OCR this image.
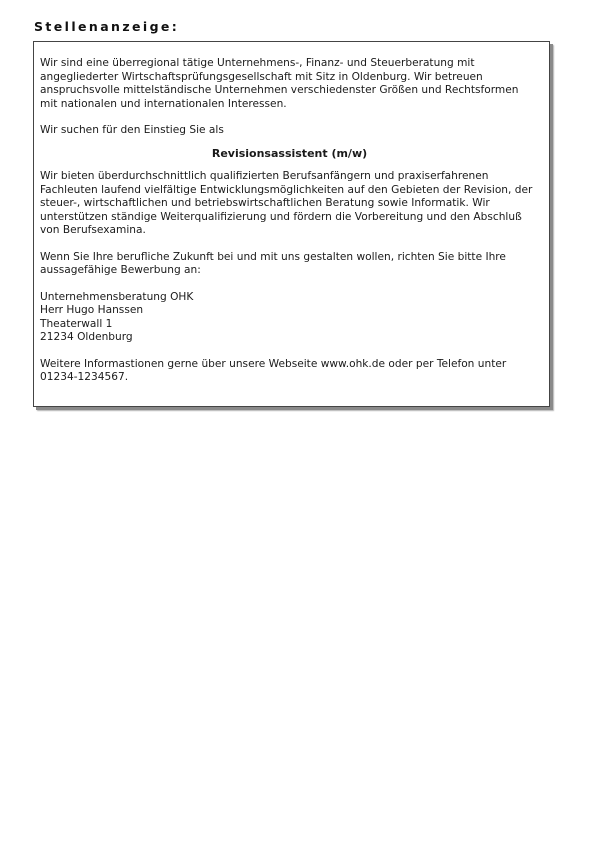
Stellenanzeige:

Wir sind eine überregional tätige Unternehmens-, Finanz- und Steuerberatung mit angegliederter Wirtschaftsprüfungsgesellschaft mit Sitz in Oldenburg. Wir betreuen anspruchsvolle mittelständische Unternehmen verschiedenster Größen und Rechtsformen mit nationalen und internationalen Interessen.

Wir suchen für den Einstieg Sie als

Revisionsassistent (m/w)

Wir bieten überdurchschnittlich qualifizierten Berufsanfängern und praxiserfahrenen Fachleuten laufend vielfältige Entwicklungsmöglichkeiten auf den Gebieten der Revision, der steuer-, wirtschaftlichen und betriebswirtschaftlichen Beratung sowie Informatik. Wir unterstützen ständige Weiterqualifizierung und fördern die Vorbereitung und den Abschluß von Berufsexamina.

Wenn Sie Ihre berufliche Zukunft bei und mit uns gestalten wollen, richten Sie bitte Ihre aussagefähige Bewerbung an:

Unternehmensberatung OHK
Herr Hugo Hanssen
Theaterwall 1
21234 Oldenburg

Weitere Informastionen gerne über unsere Webseite www.ohk.de oder per Telefon unter 01234-1234567.
